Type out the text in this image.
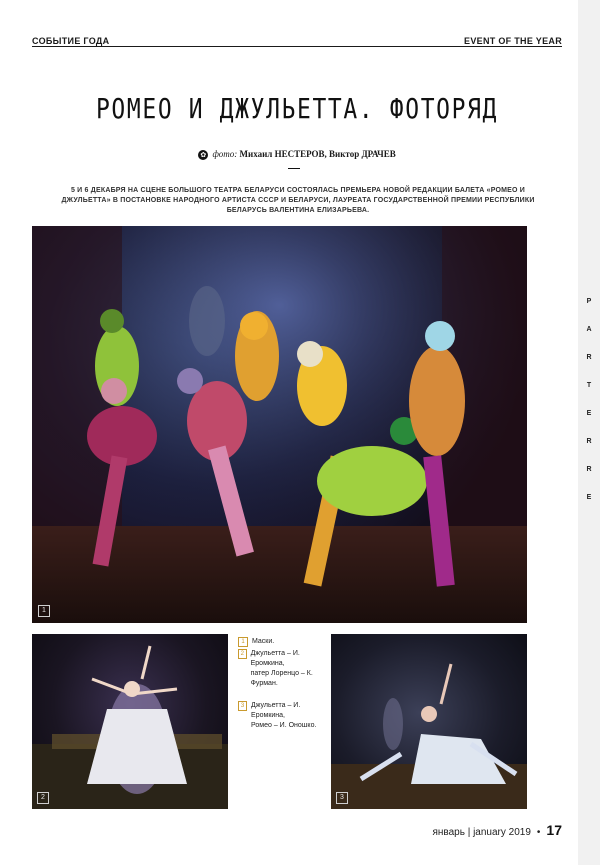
P
A
R
T
E
R
R
E
СОБЫТИЕ ГОДА	EVENT OF THE YEAR
РОМЕО И ДЖУЛЬЕТТА. ФОТОРЯД
✿ фото: Михаил НЕСТЕРОВ, Виктор ДРАЧЕВ
5 И 6 ДЕКАБРЯ НА СЦЕНЕ БОЛЬШОГО ТЕАТРА БЕЛАРУСИ СОСТОЯЛАСЬ ПРЕМЬЕРА НОВОЙ РЕДАКЦИИ БАЛЕТА «РОМЕО И ДЖУЛЬЕТТА» В ПОСТАНОВКЕ НАРОДНОГО АРТИСТА СССР И БЕЛАРУСИ, ЛАУРЕАТА ГОСУДАРСТВЕННОЙ ПРЕМИИ РЕСПУБЛИКИ БЕЛАРУСЬ ВАЛЕНТИНА ЕЛИЗАРЬЕВА.
1
2
1	Маски.
2 Джульетта – И. Еромкина,
патер Лоренцо – К. Фурман.
3 Джульетта – И. Еромкина,
Ромео – И. Оношко.
3
январь | january 2019 • 17
